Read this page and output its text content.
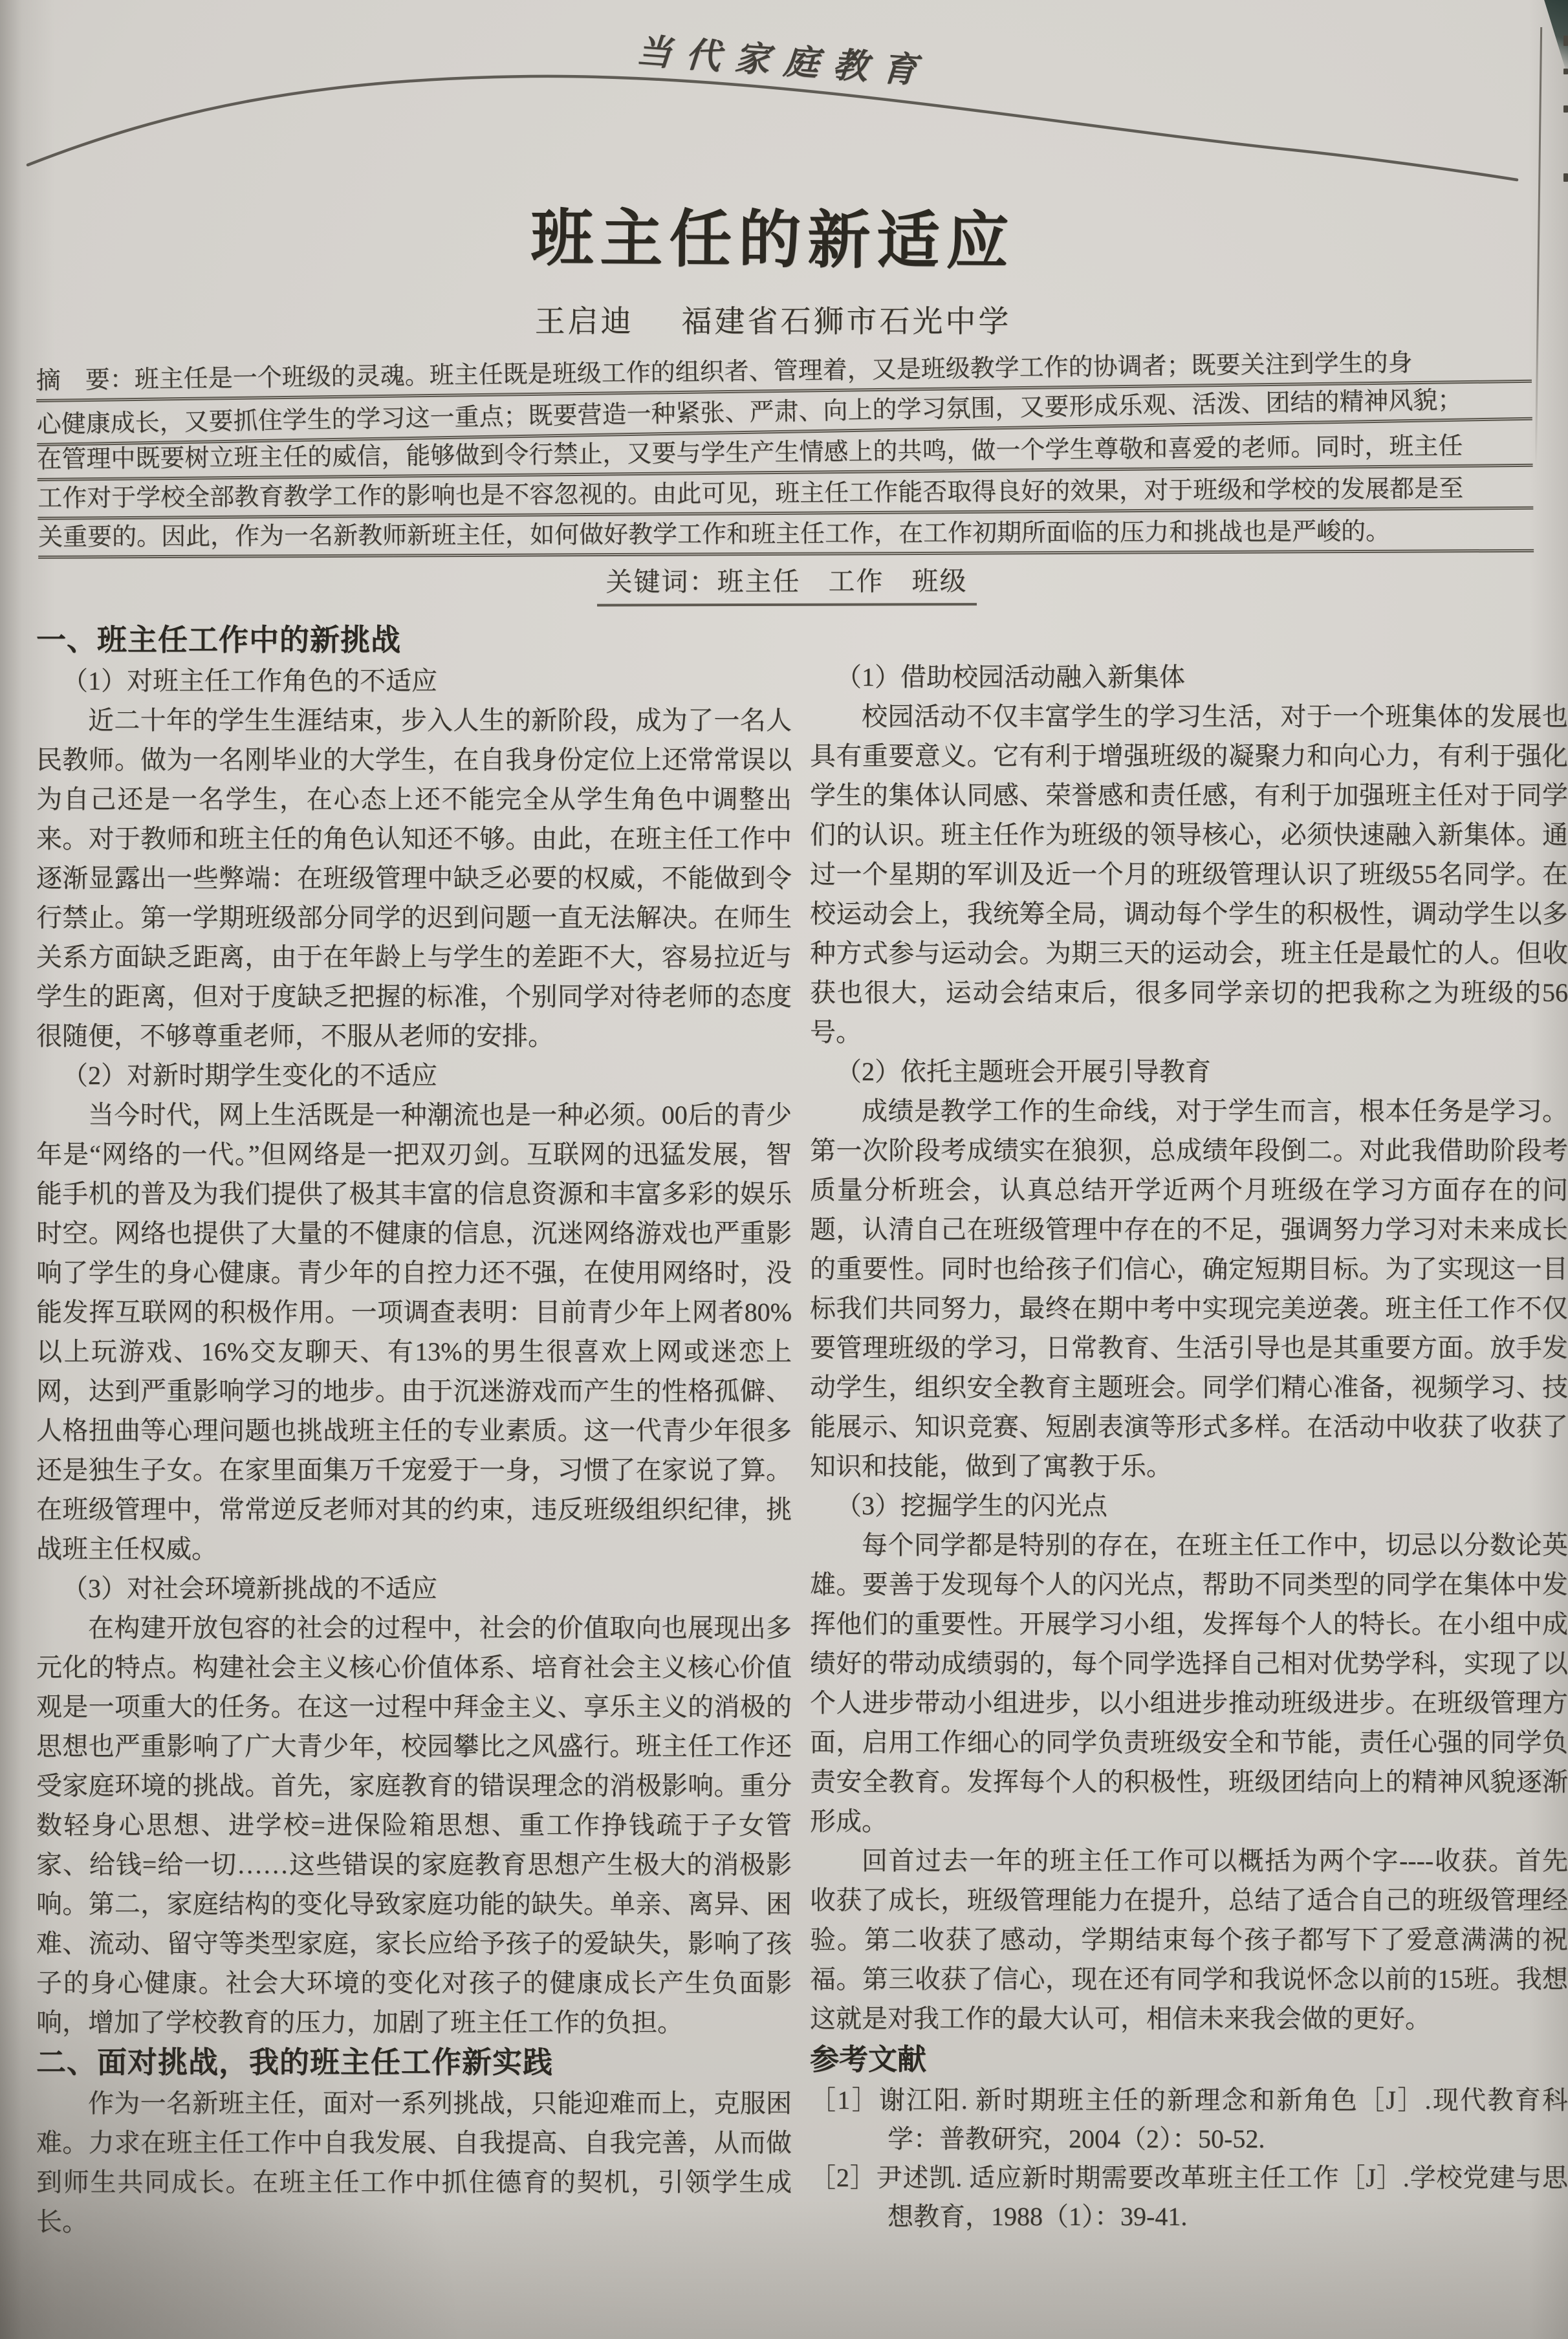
当代家庭教育
班主任的新适应
王启迪 福建省石狮市石光中学
摘　要：班主任是一个班级的灵魂。班主任既是班级工作的组织者、管理着，又是班级教学工作的协调者；既要关注到学生的身
心健康成长，又要抓住学生的学习这一重点；既要营造一种紧张、严肃、向上的学习氛围，又要形成乐观、活泼、团结的精神风貌；
在管理中既要树立班主任的威信，能够做到令行禁止，又要与学生产生情感上的共鸣，做一个学生尊敬和喜爱的老师。同时，班主任
工作对于学校全部教育教学工作的影响也是不容忽视的。由此可见，班主任工作能否取得良好的效果，对于班级和学校的发展都是至
关重要的。因此，作为一名新教师新班主任，如何做好教学工作和班主任工作，在工作初期所面临的压力和挑战也是严峻的。
关键词：班主任　工作　班级
一、班主任工作中的新挑战

（1）对班主任工作角色的不适应

近二十年的学生生涯结束，步入人生的新阶段，成为了一名人民教师。做为一名刚毕业的大学生，在自我身份定位上还常常误以为自己还是一名学生，在心态上还不能完全从学生角色中调整出来。对于教师和班主任的角色认知还不够。由此，在班主任工作中逐渐显露出一些弊端：在班级管理中缺乏必要的权威，不能做到令行禁止。第一学期班级部分同学的迟到问题一直无法解决。在师生关系方面缺乏距离，由于在年龄上与学生的差距不大，容易拉近与学生的距离，但对于度缺乏把握的标准，个别同学对待老师的态度很随便，不够尊重老师，不服从老师的安排。

（2）对新时期学生变化的不适应

当今时代，网上生活既是一种潮流也是一种必须。00后的青少年是“网络的一代。”但网络是一把双刃剑。互联网的迅猛发展，智能手机的普及为我们提供了极其丰富的信息资源和丰富多彩的娱乐时空。网络也提供了大量的不健康的信息，沉迷网络游戏也严重影响了学生的身心健康。青少年的自控力还不强，在使用网络时，没能发挥互联网的积极作用。一项调查表明：目前青少年上网者80%以上玩游戏、16%交友聊天、有13%的男生很喜欢上网或迷恋上网，达到严重影响学习的地步。由于沉迷游戏而产生的性格孤僻、人格扭曲等心理问题也挑战班主任的专业素质。这一代青少年很多还是独生子女。在家里面集万千宠爱于一身，习惯了在家说了算。在班级管理中，常常逆反老师对其的约束，违反班级组织纪律，挑战班主任权威。

（3）对社会环境新挑战的不适应

在构建开放包容的社会的过程中，社会的价值取向也展现出多元化的特点。构建社会主义核心价值体系、培育社会主义核心价值观是一项重大的任务。在这一过程中拜金主义、享乐主义的消极的思想也严重影响了广大青少年，校园攀比之风盛行。班主任工作还受家庭环境的挑战。首先，家庭教育的错误理念的消极影响。重分数轻身心思想、进学校=进保险箱思想、重工作挣钱疏于子女管家、给钱=给一切……这些错误的家庭教育思想产生极大的消极影响。第二，家庭结构的变化导致家庭功能的缺失。单亲、离异、困难、流动、留守等类型家庭，家长应给予孩子的爱缺失，影响了孩子的身心健康。社会大环境的变化对孩子的健康成长产生负面影响，增加了学校教育的压力，加剧了班主任工作的负担。

二、面对挑战，我的班主任工作新实践

作为一名新班主任，面对一系列挑战，只能迎难而上，克服困难。力求在班主任工作中自我发展、自我提高、自我完善，从而做到师生共同成长。在班主任工作中抓住德育的契机，引领学生成长。

（1）借助校园活动融入新集体

校园活动不仅丰富学生的学习生活，对于一个班集体的发展也具有重要意义。它有利于增强班级的凝聚力和向心力，有利于强化学生的集体认同感、荣誉感和责任感，有利于加强班主任对于同学们的认识。班主任作为班级的领导核心，必须快速融入新集体。通过一个星期的军训及近一个月的班级管理认识了班级55名同学。在校运动会上，我统筹全局，调动每个学生的积极性，调动学生以多种方式参与运动会。为期三天的运动会，班主任是最忙的人。但收获也很大，运动会结束后，很多同学亲切的把我称之为班级的56号。

（2）依托主题班会开展引导教育

成绩是教学工作的生命线，对于学生而言，根本任务是学习。第一次阶段考成绩实在狼狈，总成绩年段倒二。对此我借助阶段考质量分析班会，认真总结开学近两个月班级在学习方面存在的问题，认清自己在班级管理中存在的不足，强调努力学习对未来成长的重要性。同时也给孩子们信心，确定短期目标。为了实现这一目标我们共同努力，最终在期中考中实现完美逆袭。班主任工作不仅要管理班级的学习，日常教育、生活引导也是其重要方面。放手发动学生，组织安全教育主题班会。同学们精心准备，视频学习、技能展示、知识竞赛、短剧表演等形式多样。在活动中收获了收获了知识和技能，做到了寓教于乐。

（3）挖掘学生的闪光点

每个同学都是特别的存在，在班主任工作中，切忌以分数论英雄。要善于发现每个人的闪光点，帮助不同类型的同学在集体中发挥他们的重要性。开展学习小组，发挥每个人的特长。在小组中成绩好的带动成绩弱的，每个同学选择自己相对优势学科，实现了以个人进步带动小组进步，以小组进步推动班级进步。在班级管理方面，启用工作细心的同学负责班级安全和节能，责任心强的同学负责安全教育。发挥每个人的积极性，班级团结向上的精神风貌逐渐形成。

回首过去一年的班主任工作可以概括为两个字----收获。首先收获了成长，班级管理能力在提升，总结了适合自己的班级管理经验。第二收获了感动，学期结束每个孩子都写下了爱意满满的祝福。第三收获了信心，现在还有同学和我说怀念以前的15班。我想这就是对我工作的最大认可，相信未来我会做的更好。

参考文献

［1］谢江阳. 新时期班主任的新理念和新角色［J］.现代教育科学：普教研究，2004（2）：50-52.

［2］尹述凯. 适应新时期需要改革班主任工作［J］.学校党建与思想教育，1988（1）：39-41.
